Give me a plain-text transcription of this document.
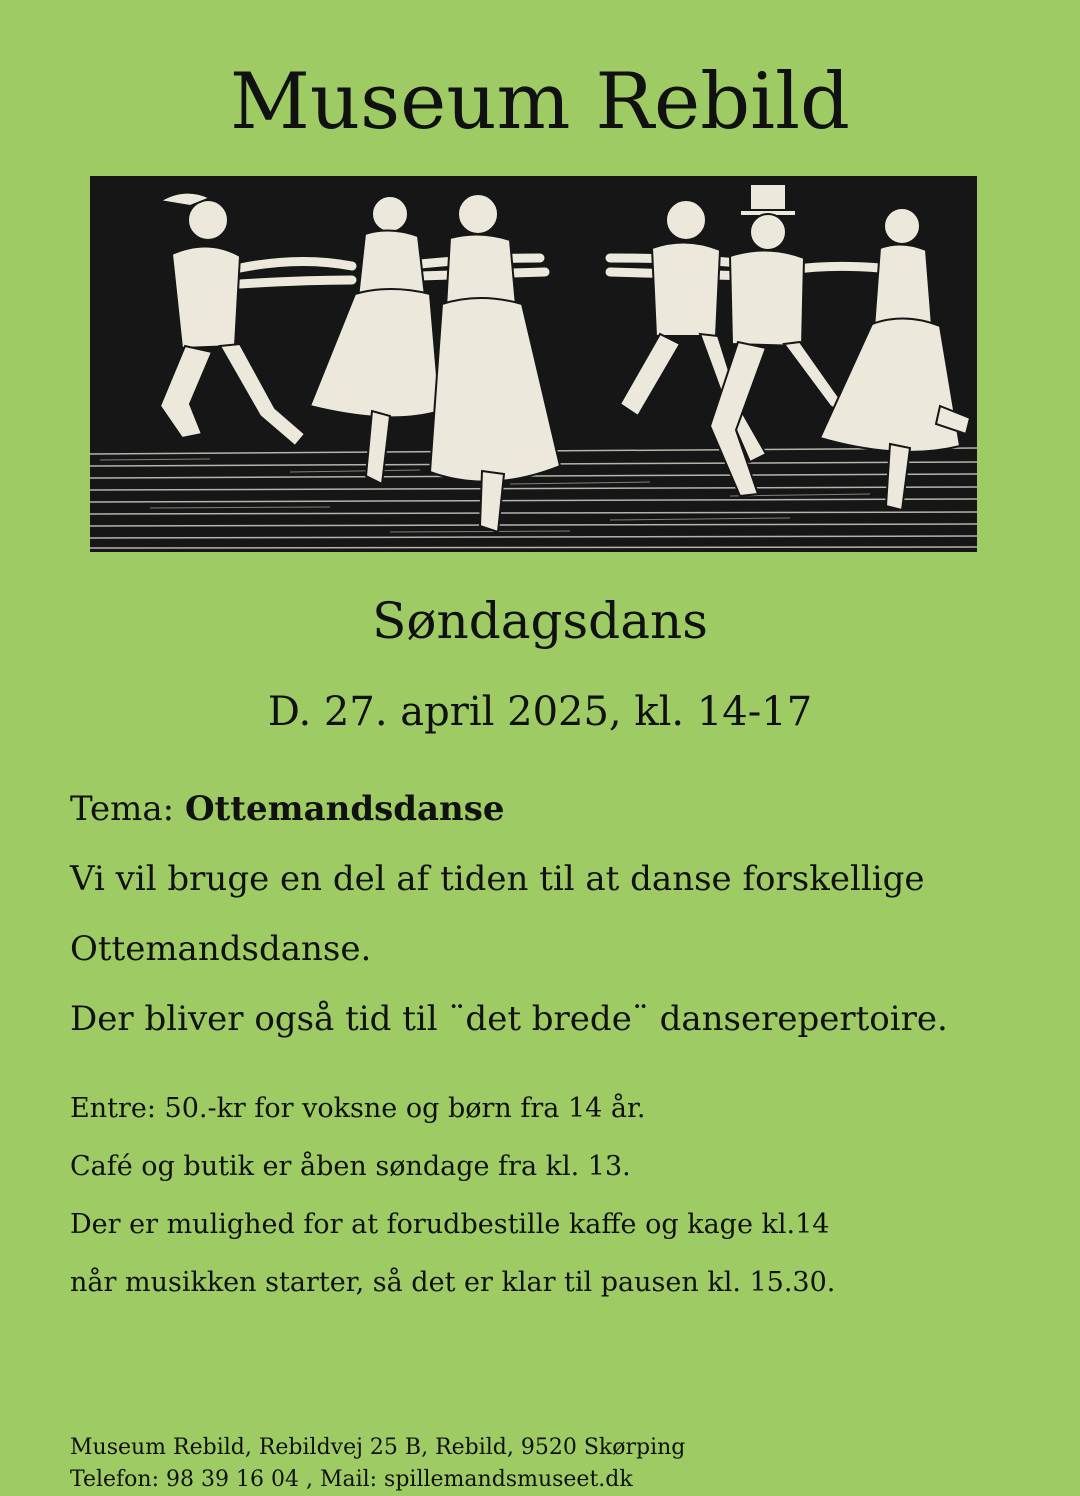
Museum Rebild
Søndagsdans
D. 27. april 2025, kl. 14-17
Tema: Ottemandsdanse
Vi vil bruge en del af tiden til at danse forskellige
Ottemandsdanse.
Der bliver også tid til ¨det brede¨ danserepertoire.
Entre: 50.-kr for voksne og børn fra 14 år.
Café og butik er åben søndage fra kl. 13.
Der er mulighed for at forudbestille kaffe og kage kl.14
når musikken starter, så det er klar til pausen kl. 15.30.
Museum Rebild, Rebildvej 25 B, Rebild, 9520 Skørping
Telefon: 98 39 16 04 , Mail: spillemandsmuseet.dk
